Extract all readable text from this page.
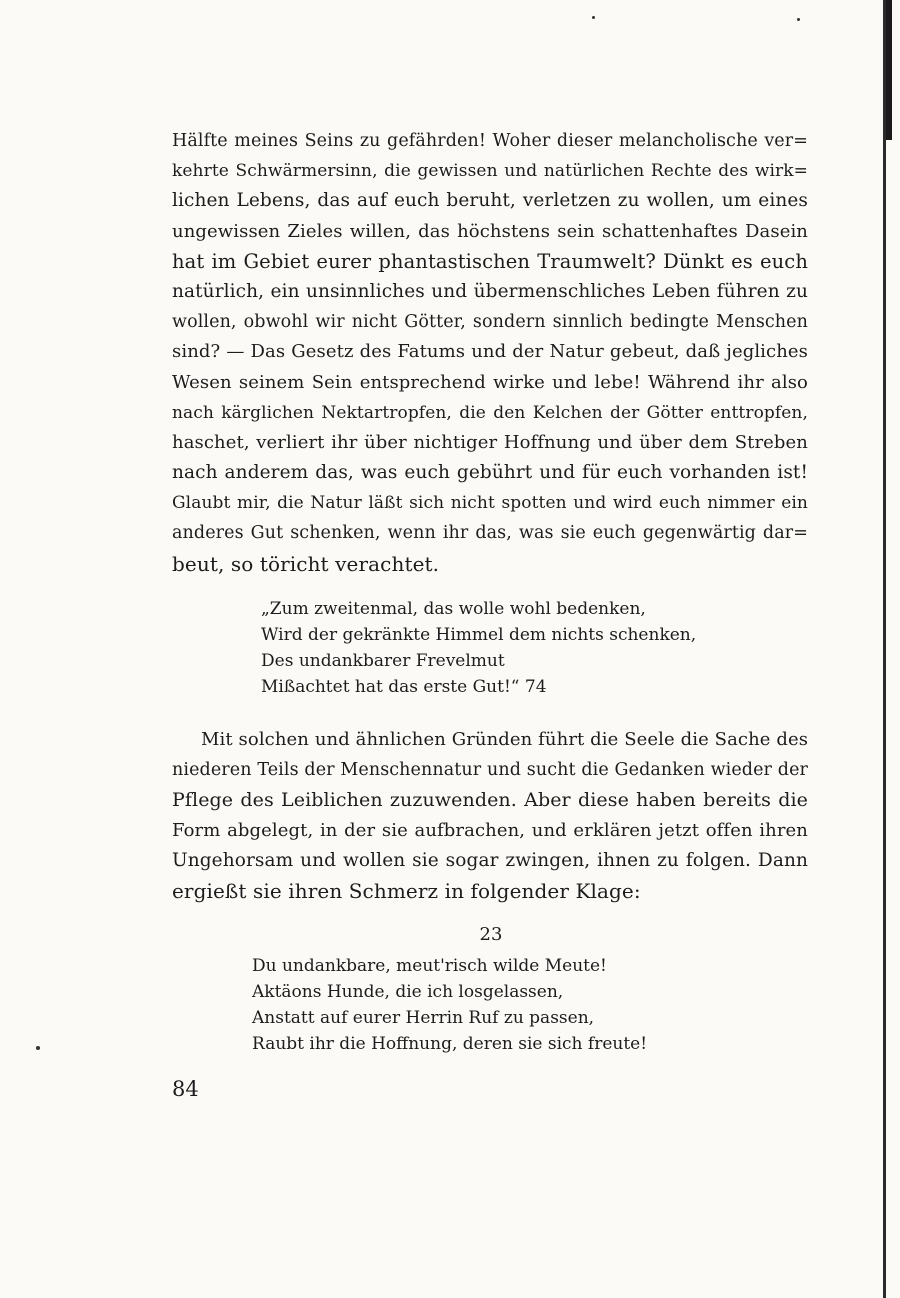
Hälfte meines Seins zu gefährden! Woher dieser melancholische ver=
kehrte Schwärmersinn, die gewissen und natürlichen Rechte des wirk=
lichen Lebens, das auf euch beruht, verletzen zu wollen, um eines
ungewissen Zieles willen, das höchstens sein schattenhaftes Dasein
hat im Gebiet eurer phantastischen Traumwelt? Dünkt es euch
natürlich, ein unsinnliches und übermenschliches Leben führen zu
wollen, obwohl wir nicht Götter, sondern sinnlich bedingte Menschen
sind? — Das Gesetz des Fatums und der Natur gebeut, daß jegliches
Wesen seinem Sein entsprechend wirke und lebe! Während ihr also
nach kärglichen Nektartropfen, die den Kelchen der Götter enttropfen,
haschet, verliert ihr über nichtiger Hoffnung und über dem Streben
nach anderem das, was euch gebührt und für euch vorhanden ist!
Glaubt mir, die Natur läßt sich nicht spotten und wird euch nimmer ein
anderes Gut schenken, wenn ihr das, was sie euch gegenwärtig dar=
beut, so töricht verachtet.
„Zum zweitenmal, das wolle wohl bedenken,
Wird der gekränkte Himmel dem nichts schenken,
Des undankbarer Frevelmut
Mißachtet hat das erste Gut!“ 74
Mit solchen und ähnlichen Gründen führt die Seele die Sache des
niederen Teils der Menschennatur und sucht die Gedanken wieder der
Pflege des Leiblichen zuzuwenden. Aber diese haben bereits die
Form abgelegt, in der sie aufbrachen, und erklären jetzt offen ihren
Ungehorsam und wollen sie sogar zwingen, ihnen zu folgen. Dann
ergießt sie ihren Schmerz in folgender Klage:
23
Du undankbare, meut'risch wilde Meute!
Aktäons Hunde, die ich losgelassen,
Anstatt auf eurer Herrin Ruf zu passen,
Raubt ihr die Hoffnung, deren sie sich freute!
84
